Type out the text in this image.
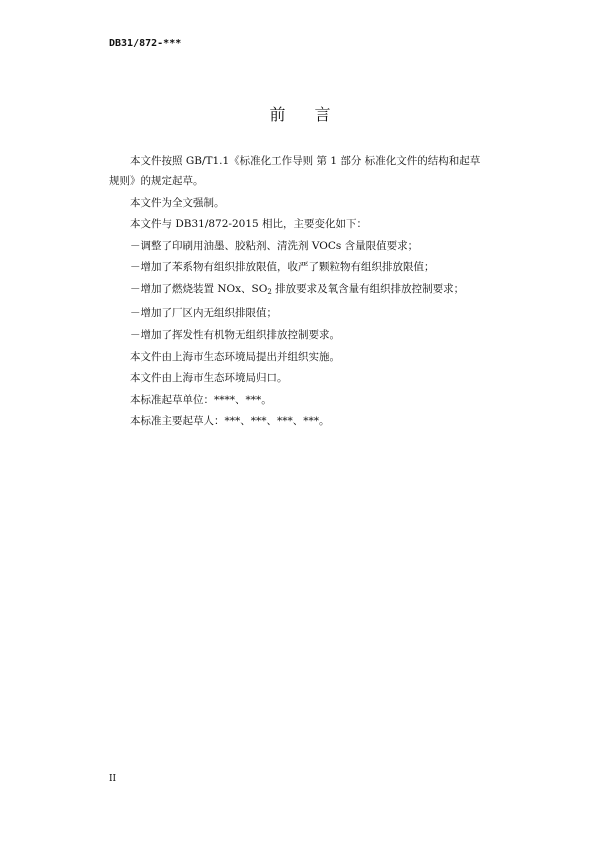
DB31/872-***
前 言

本文件按照 GB/T1.1《标准化工作导则 第 1 部分 标准化文件的结构和起草规则》的规定起草。

本文件为全文强制。

本文件与 DB31/872-2015 相比，主要变化如下：

－调整了印刷用油墨、胶粘剂、清洗剂 VOCs 含量限值要求；

－增加了苯系物有组织排放限值，收严了颗粒物有组织排放限值；

－增加了燃烧装置 NOx、$SO_2$ 排放要求及氧含量有组织排放控制要求；

－增加了厂区内无组织排限值；

－增加了挥发性有机物无组织排放控制要求。

本文件由上海市生态环境局提出并组织实施。

本文件由上海市生态环境局归口。

本标准起草单位：****、***。

本标准主要起草人：***、***、***、***。

II
